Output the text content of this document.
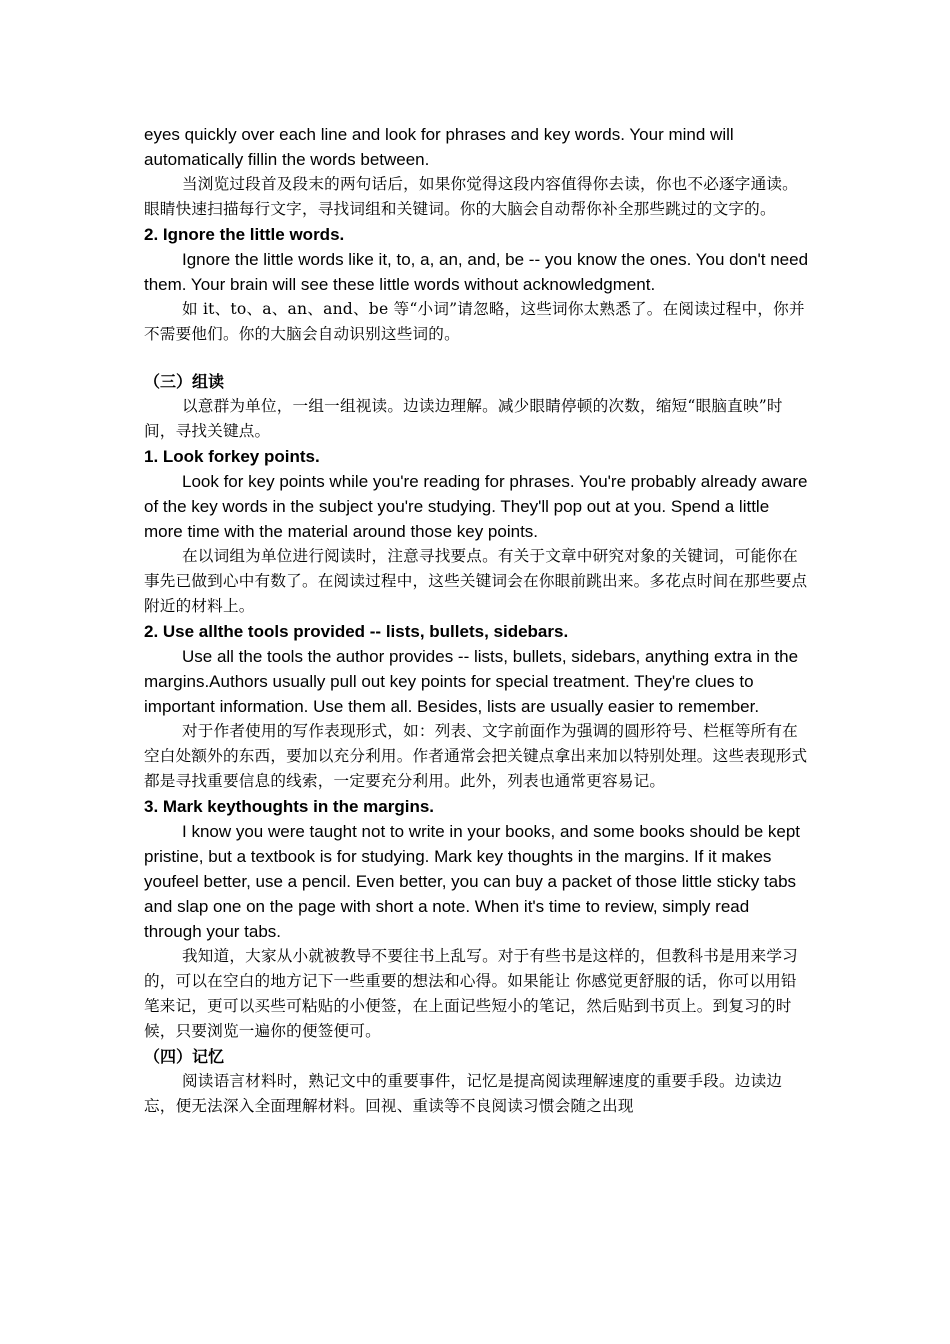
eyes quickly over each line and look for phrases and key words. Your mind will automatically fillin the words between.

当浏览过段首及段末的两句话后，如果你觉得这段内容值得你去读，你也不必逐字通读。眼睛快速扫描每行文字，寻找词组和关键词。你的大脑会自动帮你补全那些跳过的文字的。

2. Ignore the little words.

Ignore the little words like it, to, a, an, and, be -- you know the ones. You don't need them. Your brain will see these little words without acknowledgment.

如 it、to、a、an、and、be 等“小词”请忽略，这些词你太熟悉了。在阅读过程中，你并不需要他们。你的大脑会自动识别这些词的。

（三）组读

以意群为单位，一组一组视读。边读边理解。减少眼睛停顿的次数，缩短“眼脑直映”时间，寻找关键点。

1. Look forkey points.

Look for key points while you're reading for phrases. You're probably already aware of the key words in the subject you're studying. They'll pop out at you. Spend a little more time with the material around those key points.

在以词组为单位进行阅读时，注意寻找要点。有关于文章中研究对象的关键词，可能你在事先已做到心中有数了。在阅读过程中，这些关键词会在你眼前跳出来。多花点时间在那些要点附近的材料上。

2. Use allthe tools provided -- lists, bullets, sidebars.

Use all the tools the author provides -- lists, bullets, sidebars, anything extra in the margins.Authors usually pull out key points for special treatment. They're clues to important information. Use them all. Besides, lists are usually easier to remember.

对于作者使用的写作表现形式，如：列表、文字前面作为强调的圆形符号、栏框等所有在空白处额外的东西，要加以充分利用。作者通常会把关键点拿出来加以特别处理。这些表现形式都是寻找重要信息的线索，一定要充分利用。此外，列表也通常更容易记。

3. Mark keythoughts in the margins.

I know you were taught not to write in your books, and some books should be kept pristine, but a textbook is for studying. Mark key thoughts in the margins. If it makes youfeel better, use a pencil. Even better, you can buy a packet of those little sticky tabs and slap one on the page with short a note. When it's time to review, simply read through your tabs.

我知道，大家从小就被教导不要往书上乱写。对于有些书是这样的，但教科书是用来学习的，可以在空白的地方记下一些重要的想法和心得。如果能让 你感觉更舒服的话，你可以用铅笔来记，更可以买些可粘贴的小便签，在上面记些短小的笔记，然后贴到书页上。到复习的时候，只要浏览一遍你的便签便可。

（四）记忆

阅读语言材料时，熟记文中的重要事件，记忆是提高阅读理解速度的重要手段。边读边忘，便无法深入全面理解材料。回视、重读等不良阅读习惯会随之出现
